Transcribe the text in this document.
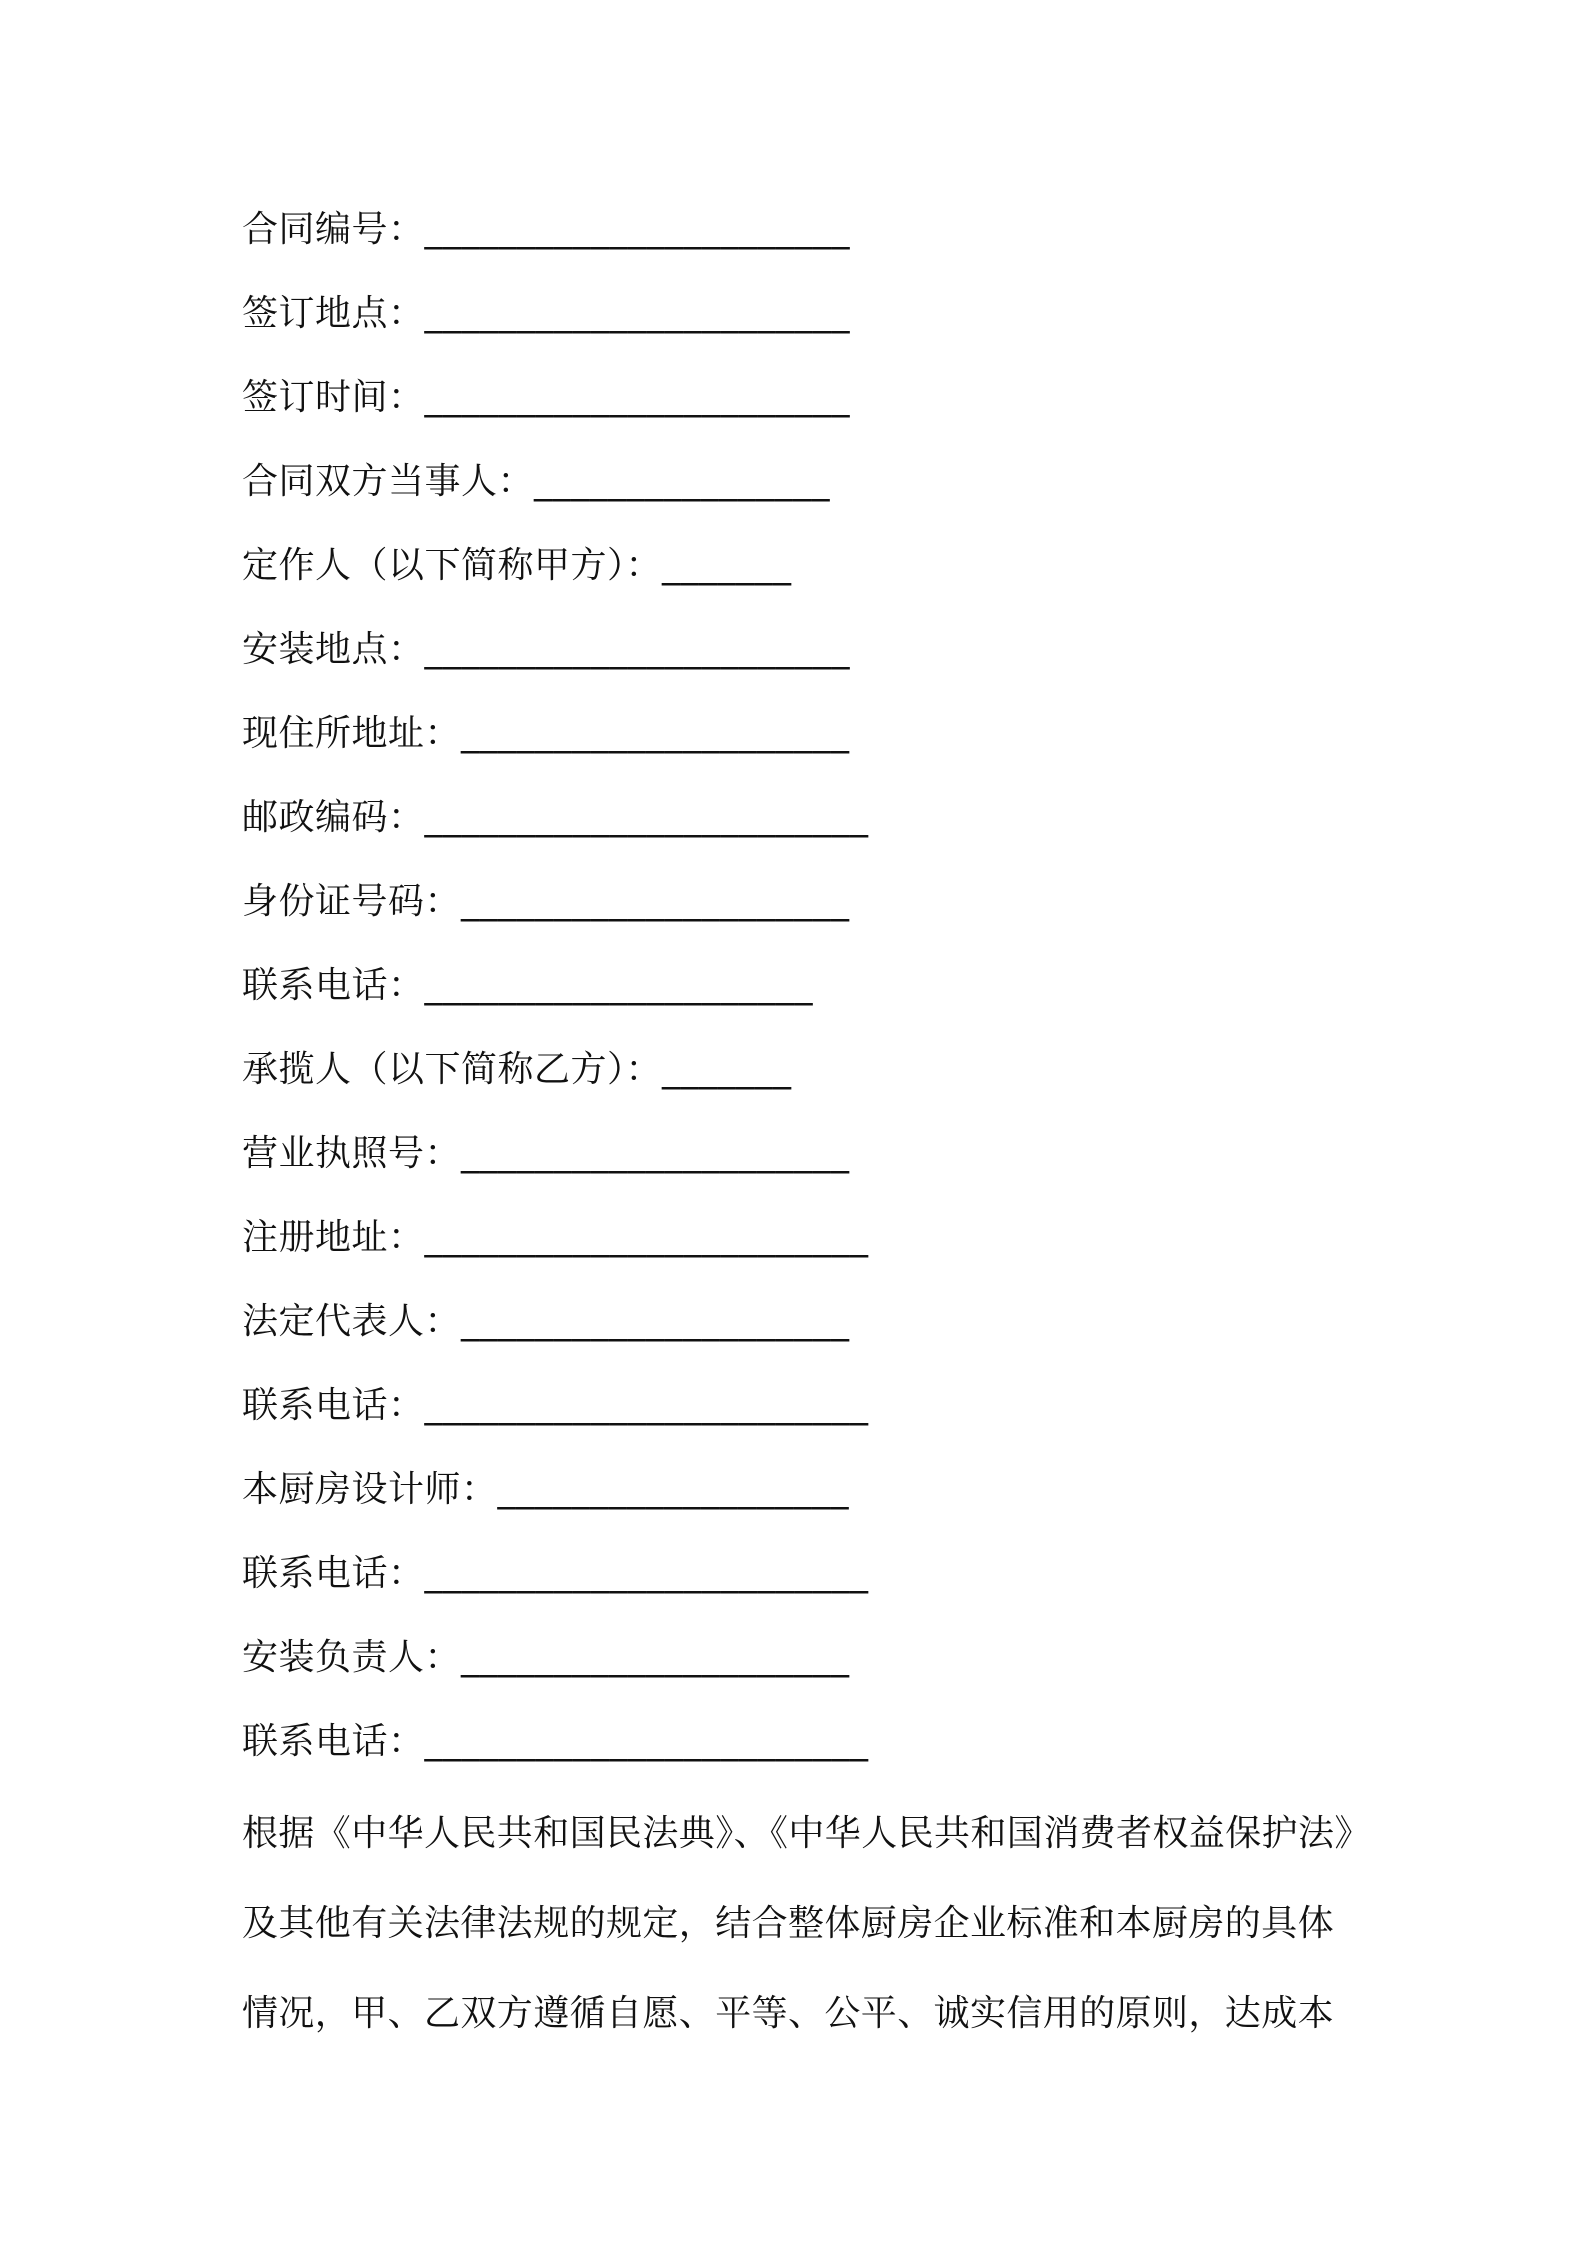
合同编号：_______________________
签订地点：_______________________
签订时间：_______________________
合同双方当事人：________________
定作人（以下简称甲方）：_______
安装地点：_______________________
现住所地址：_____________________
邮政编码：________________________
身份证号码：_____________________
联系电话：_____________________
承揽人（以下简称乙方）：_______
营业执照号：_____________________
注册地址：________________________
法定代表人：_____________________
联系电话：________________________
本厨房设计师：___________________
联系电话：________________________
安装负责人：_____________________
联系电话：________________________
根据《中华人民共和国民法典》、《中华人民共和国消费者权益保护法》
及其他有关法律法规的规定，结合整体厨房企业标准和本厨房的具体
情况，甲、乙双方遵循自愿、平等、公平、诚实信用的原则，达成本
